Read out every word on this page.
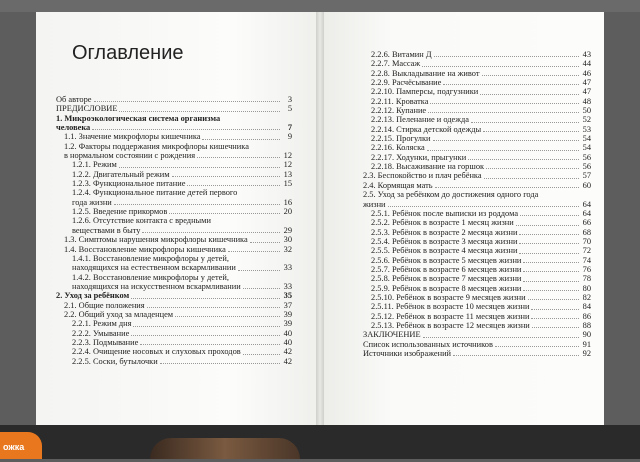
ожка
Оглавление
Об авторе	3
ПРЕДИСЛОВИЕ	5
1. Микроэкологическая система организма
человека	7
1.1. Значение микрофлоры кишечника	9
1.2. Факторы поддержания микрофлоры кишечника
в нормальном состоянии с рождения	12
1.2.1. Режим	12
1.2.2. Двигательный режим	13
1.2.3. Функциональное питание	15
1.2.4. Функциональное питание детей первого
года жизни	16
1.2.5. Введение прикормов	20
1.2.6. Отсутствие контакта с вредными
веществами в быту	29
1.3. Симптомы нарушения микрофлоры кишечника	30
1.4. Восстановление микрофлоры кишечника	32
1.4.1. Восстановление микрофлоры у детей,
находящихся на естественном вскармливании	33
1.4.2. Восстановление микрофлоры у детей,
находящихся на искусственном вскармливании	33
2. Уход за ребёнком	35
2.1. Общие положения	37
2.2. Общий уход за младенцем	39
2.2.1. Режим дня	39
2.2.2. Умывание	40
2.2.3. Подмывание	40
2.2.4. Очищение носовых и слуховых проходов	42
2.2.5. Соски, бутылочки	42
2.2.6. Витамин Д	43
2.2.7. Массаж	44
2.2.8. Выкладывание на живот	46
2.2.9. Расчёсывание	47
2.2.10. Памперсы, подгузники	47
2.2.11. Кроватка	48
2.2.12. Купание	50
2.2.13. Пеленание и одежда	52
2.2.14. Стирка детской одежды	53
2.2.15. Прогулки	54
2.2.16. Коляска	54
2.2.17. Ходунки, прыгунки	56
2.2.18. Высаживание на горшок	56
2.3. Беспокойство и плач ребёнка	57
2.4. Кормящая мать	60
2.5. Уход за ребёнком до достижения одного года
жизни	64
2.5.1. Ребёнок после выписки из роддома	64
2.5.2. Ребёнок в возрасте 1 месяц жизни	66
2.5.3. Ребёнок в возрасте 2 месяца жизни	68
2.5.4. Ребёнок в возрасте 3 месяца жизни	70
2.5.5. Ребёнок в возрасте 4 месяца жизни	72
2.5.6. Ребёнок в возрасте 5 месяцев жизни	74
2.5.7. Ребёнок в возрасте 6 месяцев жизни	76
2.5.8. Ребёнок в возрасте 7 месяцев жизни	78
2.5.9. Ребёнок в возрасте 8 месяцев жизни	80
2.5.10. Ребёнок в возрасте 9 месяцев жизни	82
2.5.11. Ребёнок в возрасте 10 месяцев жизни	84
2.5.12. Ребёнок в возрасте 11 месяцев жизни	86
2.5.13. Ребёнок в возрасте 12 месяцев жизни	88
ЗАКЛЮЧЕНИЕ	90
Список использованных источников	91
Источники изображений	92
